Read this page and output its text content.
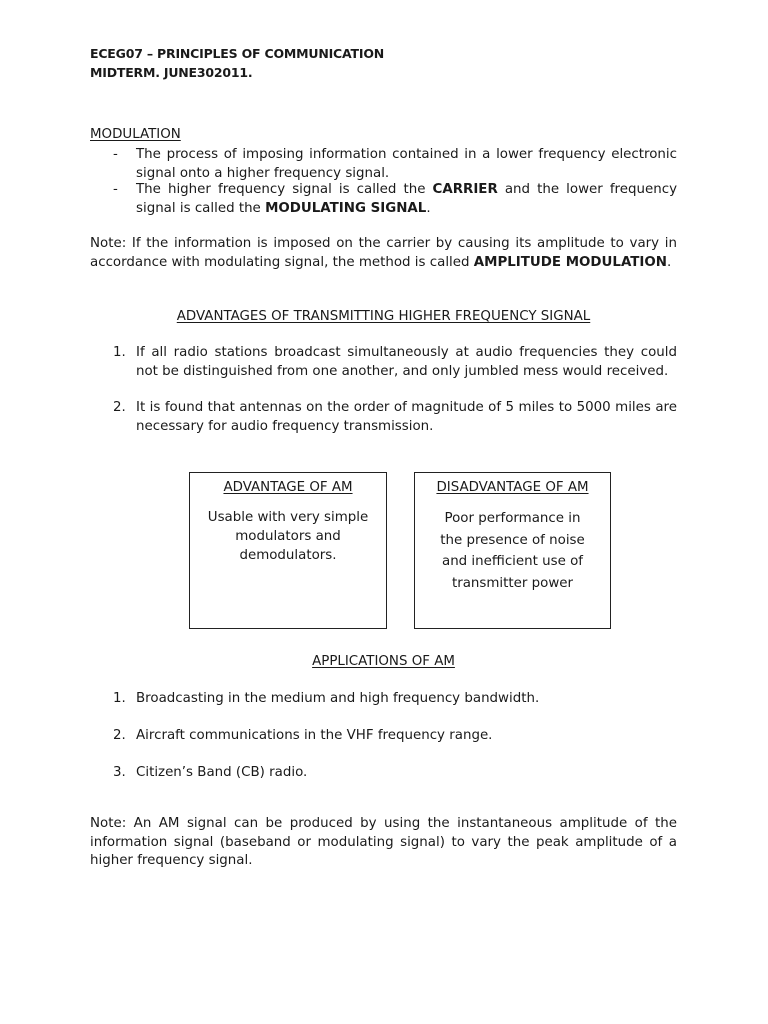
ECEG07 – PRINCIPLES OF COMMUNICATION
MIDTERM. JUNE302011.
MODULATION
- The process of imposing information contained in a lower frequency electronic signal onto a higher frequency signal.
- The higher frequency signal is called the CARRIER and the lower frequency signal is called the MODULATING SIGNAL.
Note: If the information is imposed on the carrier by causing its amplitude to vary in accordance with modulating signal, the method is called AMPLITUDE MODULATION.
ADVANTAGES OF TRANSMITTING HIGHER FREQUENCY SIGNAL
1. If all radio stations broadcast simultaneously at audio frequencies they could not be distinguished from one another, and only jumbled mess would received.
2. It is found that antennas on the order of magnitude of 5 miles to 5000 miles are necessary for audio frequency transmission.
ADVANTAGE OF AM
Usable with very simple modulators and demodulators.
DISADVANTAGE OF AM
Poor performance in the presence of noise and inefficient use of transmitter power
APPLICATIONS OF AM
1. Broadcasting in the medium and high frequency bandwidth.
2. Aircraft communications in the VHF frequency range.
3. Citizen’s Band (CB) radio.
Note: An AM signal can be produced by using the instantaneous amplitude of the information signal (baseband or modulating signal) to vary the peak amplitude of a higher frequency signal.
